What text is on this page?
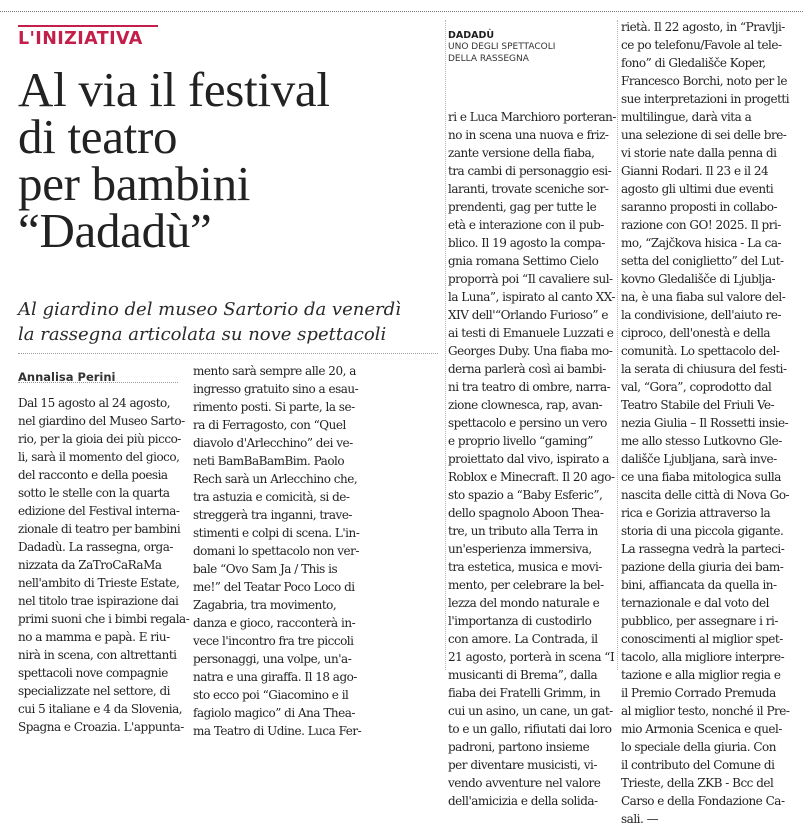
L'INIZIATIVA
Al via il festival
di teatro
per bambini
“Dadadù”
Al giardino del museo Sartorio da venerdì
la rassegna articolata su nove spettacoli
Annalisa Perini
DADADÙ
UNO DEGLI SPETTACOLI
DELLA RASSEGNA
Dal 15 agosto al 24 agosto,
nel giardino del Museo Sarto-
rio, per la gioia dei più picco-
li, sarà il momento del gioco,
del racconto e della poesia
sotto le stelle con la quarta
edizione del Festival interna-
zionale di teatro per bambini
Dadadù. La rassegna, orga-
nizzata da ZaTroCaRaMa
nell'ambito di Trieste Estate,
nel titolo trae ispirazione dai
primi suoni che i bimbi regala-
no a mamma e papà. E riu-
nirà in scena, con altrettanti
spettacoli nove compagnie
specializzate nel settore, di
cui 5 italiane e 4 da Slovenia,
Spagna e Croazia. L'appunta-
mento sarà sempre alle 20, a
ingresso gratuito sino a esau-
rimento posti. Si parte, la se-
ra di Ferragosto, con “Quel
diavolo d'Arlecchino” dei ve-
neti BamBaBamBim. Paolo
Rech sarà un Arlecchino che,
tra astuzia e comicità, si de-
streggerà tra inganni, trave-
stimenti e colpi di scena. L'in-
domani lo spettacolo non ver-
bale “Ovo Sam Ja / This is
me!” del Teatar Poco Loco di
Zagabria, tra movimento,
danza e gioco, racconterà in-
vece l'incontro fra tre piccoli
personaggi, una volpe, un'a-
natra e una giraffa. Il 18 ago-
sto ecco poi “Giacomino e il
fagiolo magico” di Ana Thea-
ma Teatro di Udine. Luca Fer-
ri e Luca Marchioro porteran-
no in scena una nuova e friz-
zante versione della fiaba,
tra cambi di personaggio esi-
laranti, trovate sceniche sor-
prendenti, gag per tutte le
età e interazione con il pub-
blico. Il 19 agosto la compa-
gnia romana Settimo Cielo
proporrà poi “Il cavaliere sul-
la Luna”, ispirato al canto XX-
XIV dell'“Orlando Furioso” e
ai testi di Emanuele Luzzati e
Georges Duby. Una fiaba mo-
derna parlerà così ai bambi-
ni tra teatro di ombre, narra-
zione clownesca, rap, avan-
spettacolo e persino un vero
e proprio livello “gaming”
proiettato dal vivo, ispirato a
Roblox e Minecraft. Il 20 ago-
sto spazio a “Baby Esferic”,
dello spagnolo Aboon Thea-
tre, un tributo alla Terra in
un'esperienza immersiva,
tra estetica, musica e movi-
mento, per celebrare la bel-
lezza del mondo naturale e
l'importanza di custodirlo
con amore. La Contrada, il
21 agosto, porterà in scena “I
musicanti di Brema”, dalla
fiaba dei Fratelli Grimm, in
cui un asino, un cane, un gat-
to e un gallo, rifiutati dai loro
padroni, partono insieme
per diventare musicisti, vi-
vendo avventure nel valore
dell'amicizia e della solida-
rietà. Il 22 agosto, in “Pravlji-
ce po telefonu/Favole al tele-
fono” di Gledališče Koper,
Francesco Borchi, noto per le
sue interpretazioni in progetti
multilingue, darà vita a
una selezione di sei delle bre-
vi storie nate dalla penna di
Gianni Rodari. Il 23 e il 24
agosto gli ultimi due eventi
saranno proposti in collabo-
razione con GO! 2025. Il pri-
mo, “Zajčkova hisica - La ca-
setta del coniglietto” del Lut-
kovno Gledališče di Ljublja-
na, è una fiaba sul valore del-
la condivisione, dell'aiuto re-
ciproco, dell'onestà e della
comunità. Lo spettacolo del-
la serata di chiusura del festi-
val, “Gora”, coprodotto dal
Teatro Stabile del Friuli Ve-
nezia Giulia – Il Rossetti insie-
me allo stesso Lutkovno Gle-
dališče Ljubljana, sarà inve-
ce una fiaba mitologica sulla
nascita delle città di Nova Go-
rica e Gorizia attraverso la
storia di una piccola gigante.
La rassegna vedrà la parteci-
pazione della giuria dei bam-
bini, affiancata da quella in-
ternazionale e dal voto del
pubblico, per assegnare i ri-
conoscimenti al miglior spet-
tacolo, alla migliore interpre-
tazione e alla miglior regia e
il Premio Corrado Premuda
al miglior testo, nonché il Pre-
mio Armonia Scenica e quel-
lo speciale della giuria. Con
il contributo del Comune di
Trieste, della ZKB - Bcc del
Carso e della Fondazione Ca-
sali. —
